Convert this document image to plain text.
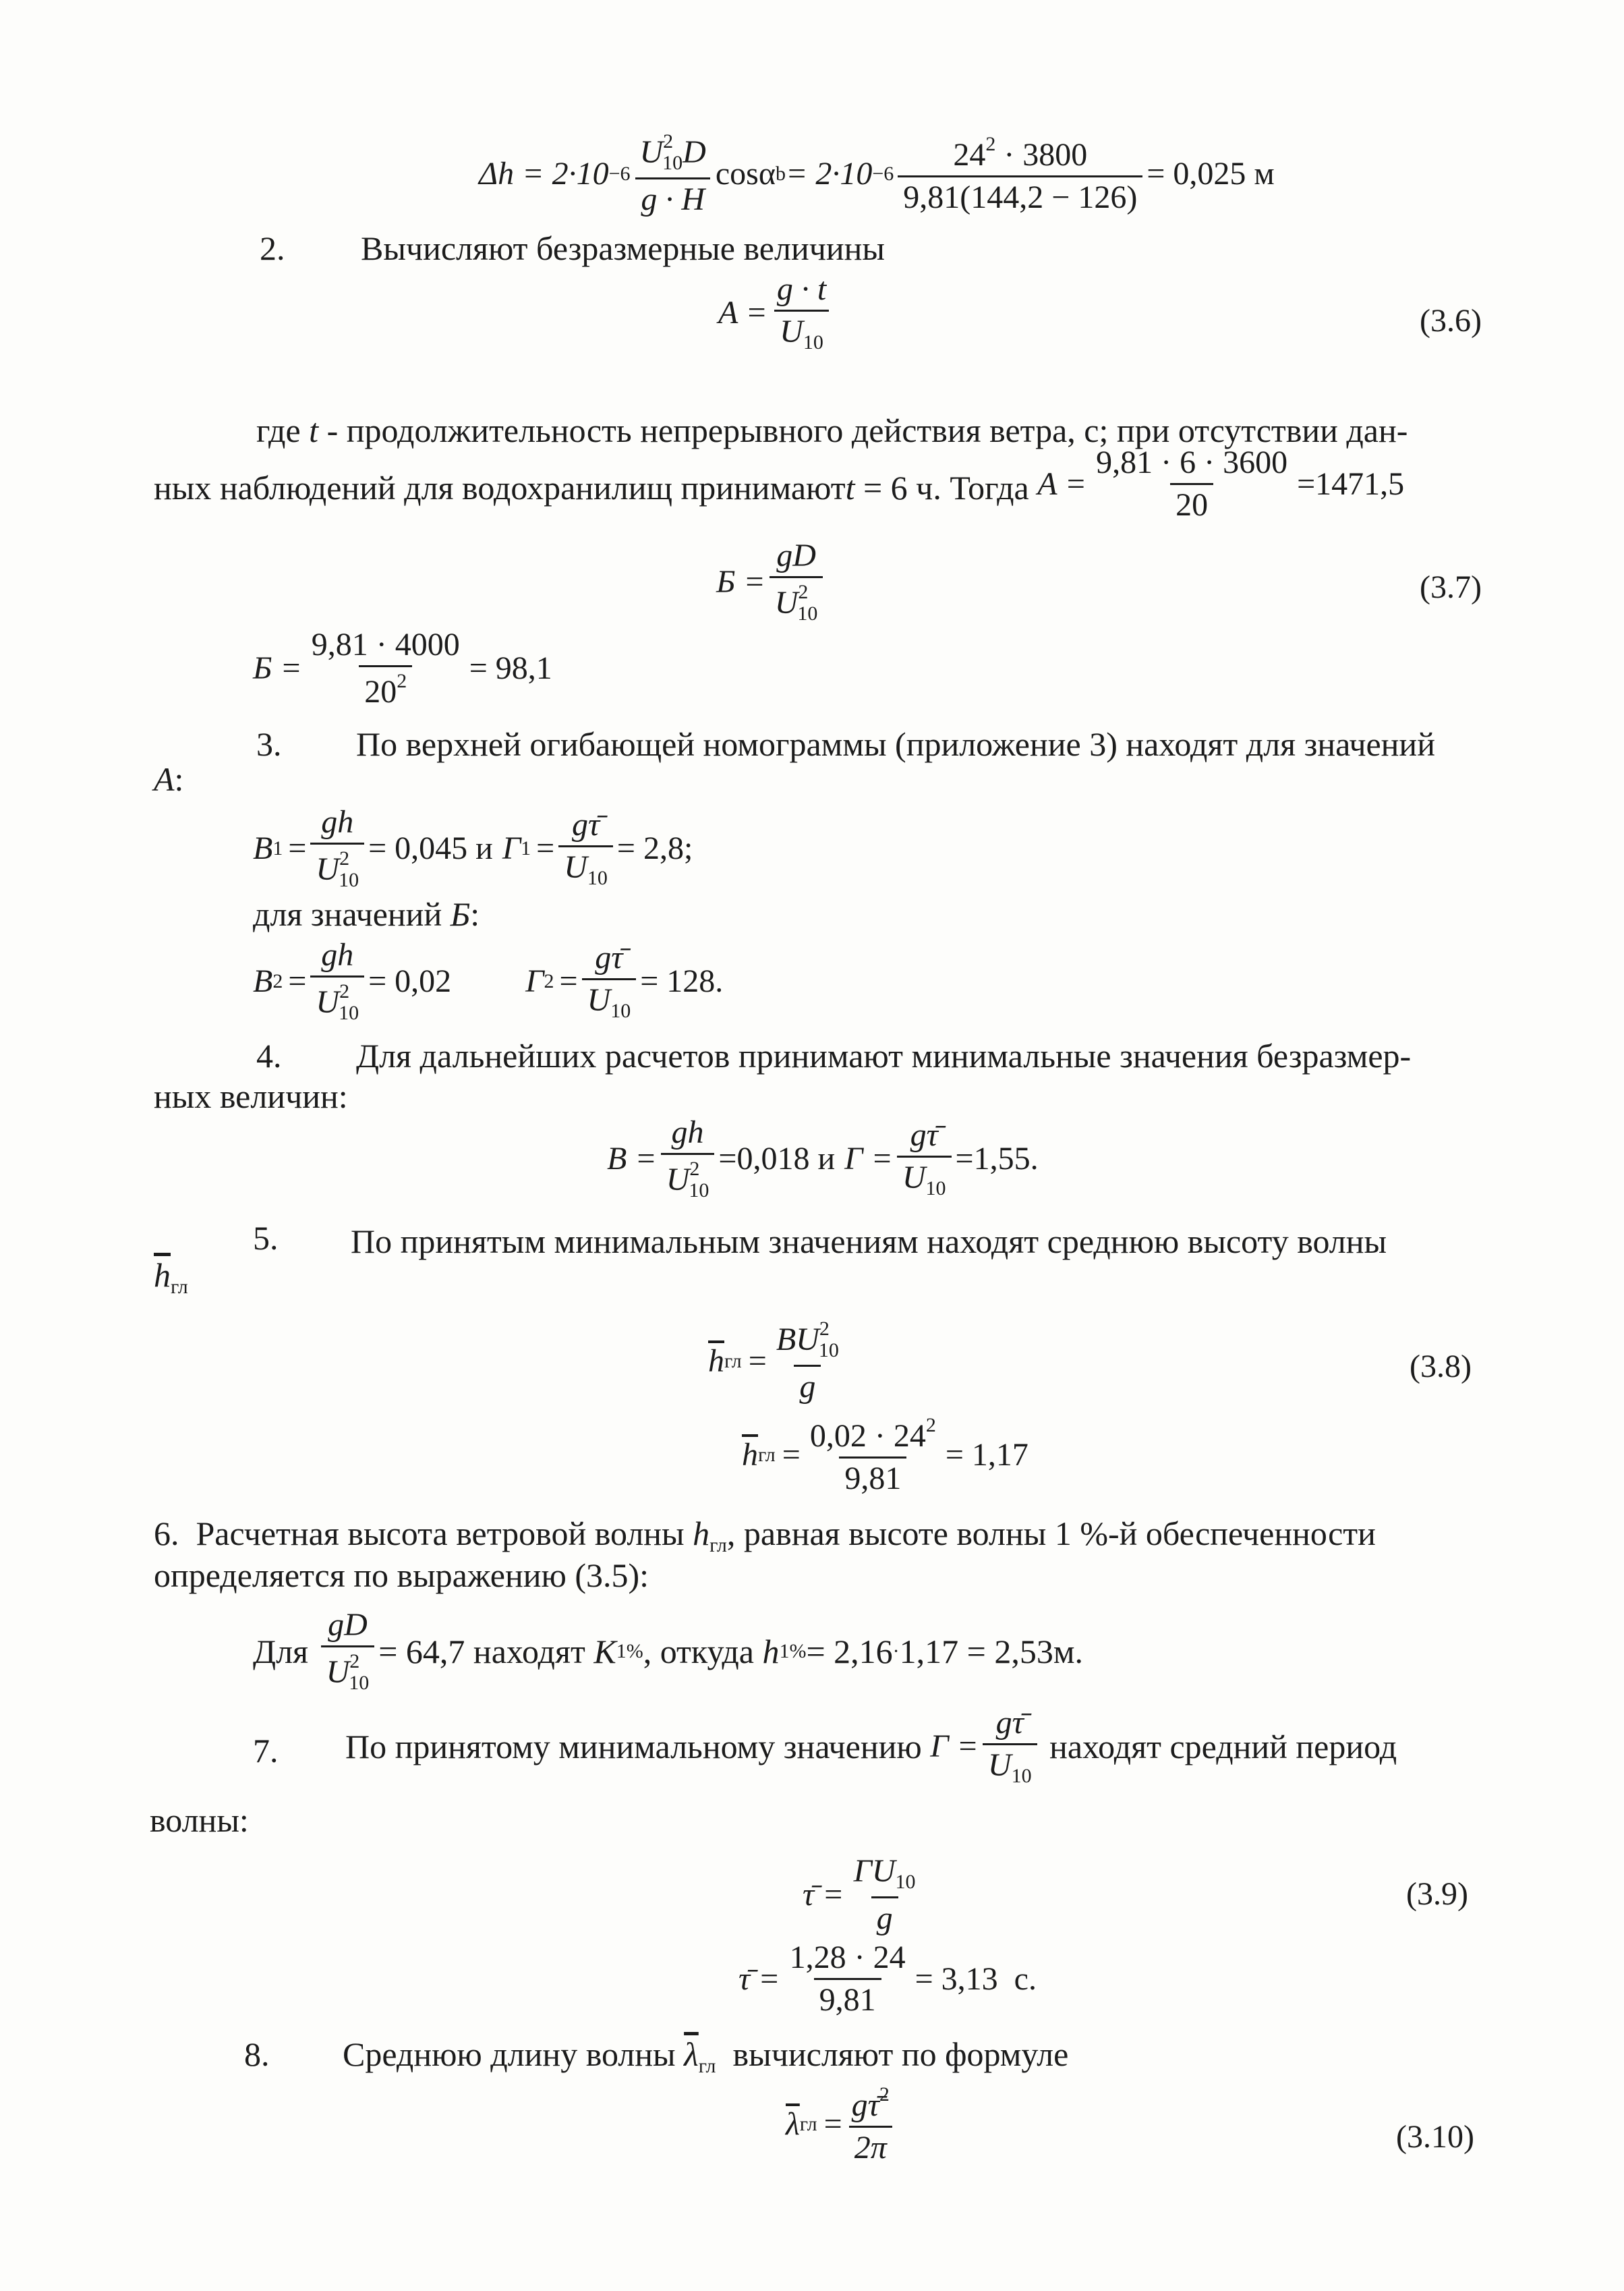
$\Delta h = 2\cdot 10 -6 \frac{U^2_{10}D}{g \cdot H}$ cosα $b = 2\cdot 10 -6 \frac{24^2 \cdot 3800}{9,81(144,2 - 126)} = 0,025$ м
2. Вычисляют безразмерные величины
$A = \frac{g \cdot t}{U_{10}}$	(3.6)
где t - продолжительность непрерывного действия ветра, с; при отсутствии дан-
ных наблюдений для водохранилищ принимают t = 6 ч. Тогда $A = \frac{9,81 \cdot 6 \cdot 3600}{20} =1471,5$
$Б = \frac{gD}{U^2_{10}}$	(3.7)
$Б = \frac{9,81 \cdot 4000}{20^2} = 98,1$
3. По верхней огибающей номограммы (приложение 3) находят для значений
A:
B $1 = \frac{gh}{U^2_{10}} = 0,045$ и Γ $1 = \frac{g\taū}{U_{10}} = 2,8$;
для значений Б:
B $2 = \frac{gh}{U^2_{10}} = 0,02$ Γ $2 = \frac{g\taū}{U_{10}} = 128$.
4. Для дальнейших расчетов принимают минимальные значения безразмер-
ных величин:
$B = \frac{gh}{U^2_{10}} =0,018$ и $\Gamma = \frac{g\taū}{U_{10}} =1,55$.
5. По принятым минимальным значениям находят среднюю высоту волны
$\overline{h}_{гл}$
$\overline{h}$ гл = $\frac{BU^2_{10}}{g}$	(3.8)
$\overline{h}$ гл = $\frac{0,02 \cdot 24^2}{9,81} = 1,17$
6.  Расчетная высота ветровой волны $h_{гл}$, равная высоте волны 1 %-й обеспеченности
определяется по выражению (3.5):
Для $\frac{gD}{U^2_{10}} = 64,7$ находят K 1% , откуда h 1% = 2,16 · 1,17 = 2,53м.
7. По принятому минимальному значению $\Gamma = \frac{g\taū}{U_{10}}$ находят средний период
волны:
τ̄ = $\frac{\Gamma U_{10}}{g}$	(3.9)
τ̄ = $\frac{1,28 \cdot 24}{9,81} = 3,13$  с.
8. Среднюю длину волны $\overline{\lambda}_{гл}$  вычисляют по формуле
$\overline{\lambda}$ гл = $\frac{g\taū^2}{2\pi}$	(3.10)
